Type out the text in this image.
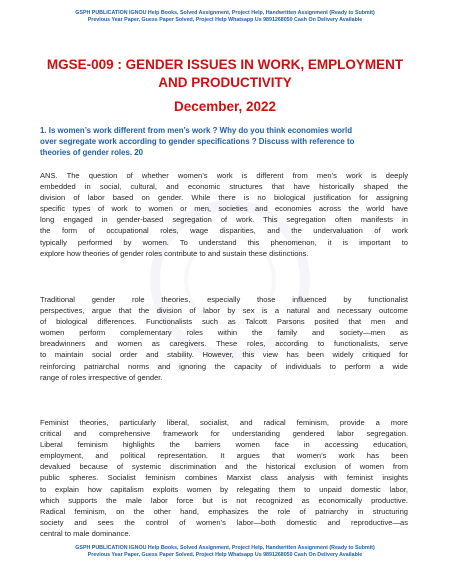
GSPH PUBLICATION IGNOU Help Books, Solved Assignment, Project Help, Handwritten Assignment (Ready to Submit)
Previous Year Paper, Guess Paper Solved, Project Help Whatsapp Us 9891268050 Cash On Delivery Available
MGSE-009 : GENDER ISSUES IN WORK, EMPLOYMENT
AND PRODUCTIVITY
December, 2022
1. Is women’s work different from men’s work ? Why do you think economies world
over segregate work according to gender specifications ? Discuss with reference to
theories of gender roles. 20
ANS. The question of whether women’s work is different from men’s work is deeply
embedded in social, cultural, and economic structures that have historically shaped the
division of labor based on gender. While there is no biological justification for assigning
specific types of work to women or men, societies and economies across the world have
long engaged in gender-based segregation of work. This segregation often manifests in
the form of occupational roles, wage disparities, and the undervaluation of work
typically performed by women. To understand this phenomenon, it is important to
explore how theories of gender roles contribute to and sustain these distinctions.
Traditional gender role theories, especially those influenced by functionalist
perspectives, argue that the division of labor by sex is a natural and necessary outcome
of biological differences. Functionalists such as Talcott Parsons posited that men and
women perform complementary roles within the family and society—men as
breadwinners and women as caregivers. These roles, according to functionalists, serve
to maintain social order and stability. However, this view has been widely critiqued for
reinforcing patriarchal norms and ignoring the capacity of individuals to perform a wide
range of roles irrespective of gender.
Feminist theories, particularly liberal, socialist, and radical feminism, provide a more
critical and comprehensive framework for understanding gendered labor segregation.
Liberal feminism highlights the barriers women face in accessing education,
employment, and political representation. It argues that women’s work has been
devalued because of systemic discrimination and the historical exclusion of women from
public spheres. Socialist feminism combines Marxist class analysis with feminist insights
to explain how capitalism exploits women by relegating them to unpaid domestic labor,
which supports the male labor force but is not recognized as economically productive.
Radical feminism, on the other hand, emphasizes the role of patriarchy in structuring
society and sees the control of women’s labor—both domestic and reproductive—as
central to male dominance.
GSPH PUBLICATION IGNOU Help Books, Solved Assignment, Project Help, Handwritten Assignment (Ready to Submit)
Previous Year Paper, Guess Paper Solved, Project Help Whatsapp Us 9891268050 Cash On Delivery Available
